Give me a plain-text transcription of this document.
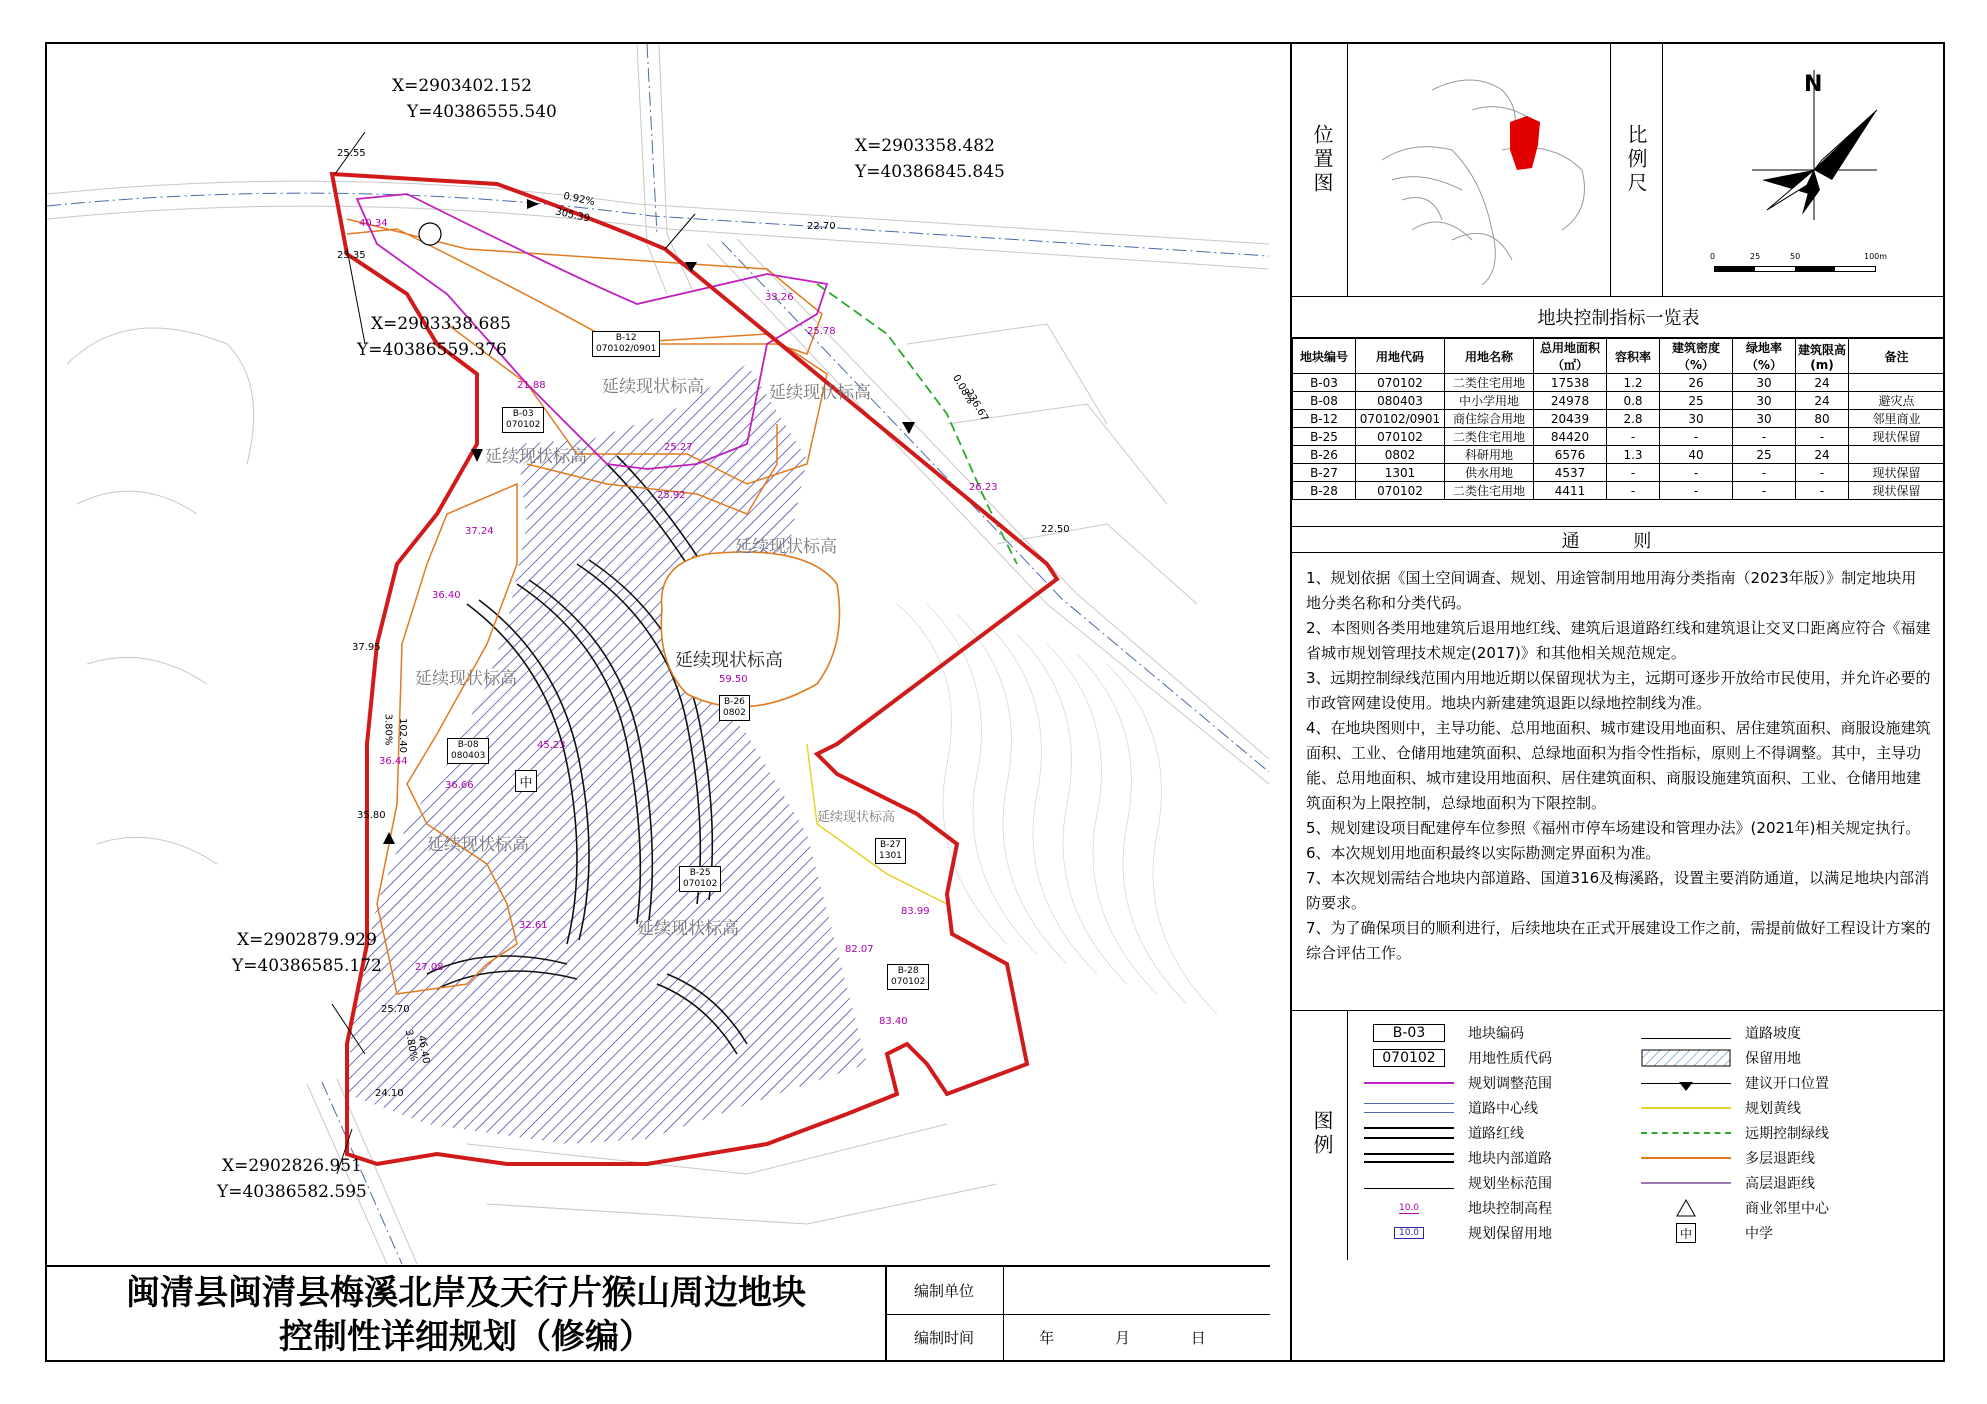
X=2903402.152
Y=40386555.540
X=2903358.482
Y=40386845.845
X=2903338.685
Y=40386559.376
X=2902879.929
Y=40386585.172
X=2902826.951
Y=40386582.595
延续现状标高	延续现状标高
延续现状标高
延续现状标高
延续现状标高
延续现状标高
延续现状标高
延续现状标高
延续现状标高
B-12
070102/0901
B-03
070102
B-26
0802
B-08
080403
B-25
070102
B-27
1301
B-28
070102
中
25.55
25.35
40.34	22.70
22.50
21.88
25.27
37.24
36.40
37.95
36.44
36.66
45.23
35.80
32.61
27.08
25.70
24.10
59.50
83.99
82.07
83.40
26.23
25.78
33.26
25.92
0.92%
305.39
0.08%
236.67
3.80% 102.40
3.80%
46.40
闽清县闽清县梅溪北岸及天行片猴山周边地块
控制性详细规划（修编）
编制单位
编制时间	年 月 日
位置图	比例尺
N
0	25	50	100m
地块控制指标一览表
地块编号	用地代码	用地名称	总用地面积（㎡）	容积率	建筑密度（%）	绿地率（%）	建筑限高(m)	备注
B-03	070102	二类住宅用地	17538	1.2	26	30	24	
B-08	080403	中小学用地	24978	0.8	25	30	24	避灾点
B-12	070102/0901	商住综合用地	20439	2.8	30	30	80	邻里商业
B-25	070102	二类住宅用地	84420	-	-	-	-	现状保留
B-26	0802	科研用地	6576	1.3	40	25	24	
B-27	1301	供水用地	4537	-	-	-	-	现状保留
B-28	070102	二类住宅用地	4411	-	-	-	-	现状保留
通 则

1、规划依据《国土空间调查、规划、用途管制用地用海分类指南（2023年版）》制定地块用地分类名称和分类代码。

2、本图则各类用地建筑后退用地红线、建筑后退道路红线和建筑退让交叉口距离应符合《福建省城市规划管理技术规定(2017)》和其他相关规范规定。

3、远期控制绿线范围内用地近期以保留现状为主，远期可逐步开放给市民使用，并允许必要的市政管网建设使用。地块内新建建筑退距以绿地控制线为准。

4、在地块图则中，主导功能、总用地面积、城市建设用地面积、居住建筑面积、商服设施建筑面积、工业、仓储用地建筑面积、总绿地面积为指令性指标，原则上不得调整。其中，主导功能、总用地面积、城市建设用地面积、居住建筑面积、商服设施建筑面积、工业、仓储用地建筑面积为上限控制，总绿地面积为下限控制。

5、规划建设项目配建停车位参照《福州市停车场建设和管理办法》(2021年)相关规定执行。

6、本次规划用地面积最终以实际勘测定界面积为准。

7、本次规划需结合地块内部道路、国道316及梅溪路，设置主要消防通道，以满足地块内部消防要求。

7、为了确保项目的顺利进行，后续地块在正式开展建设工作之前，需提前做好工程设计方案的综合评估工作。

图例
B-03	地块编码
070102	用地性质代码
规划调整范围
道路中心线
道路红线
地块内部道路
规划坐标范围
10.0	地块控制高程
10.0	规划保留用地
道路坡度
保留用地
建议开口位置
规划黄线
远期控制绿线
多层退距线
高层退距线
商业邻里中心
中	中学
